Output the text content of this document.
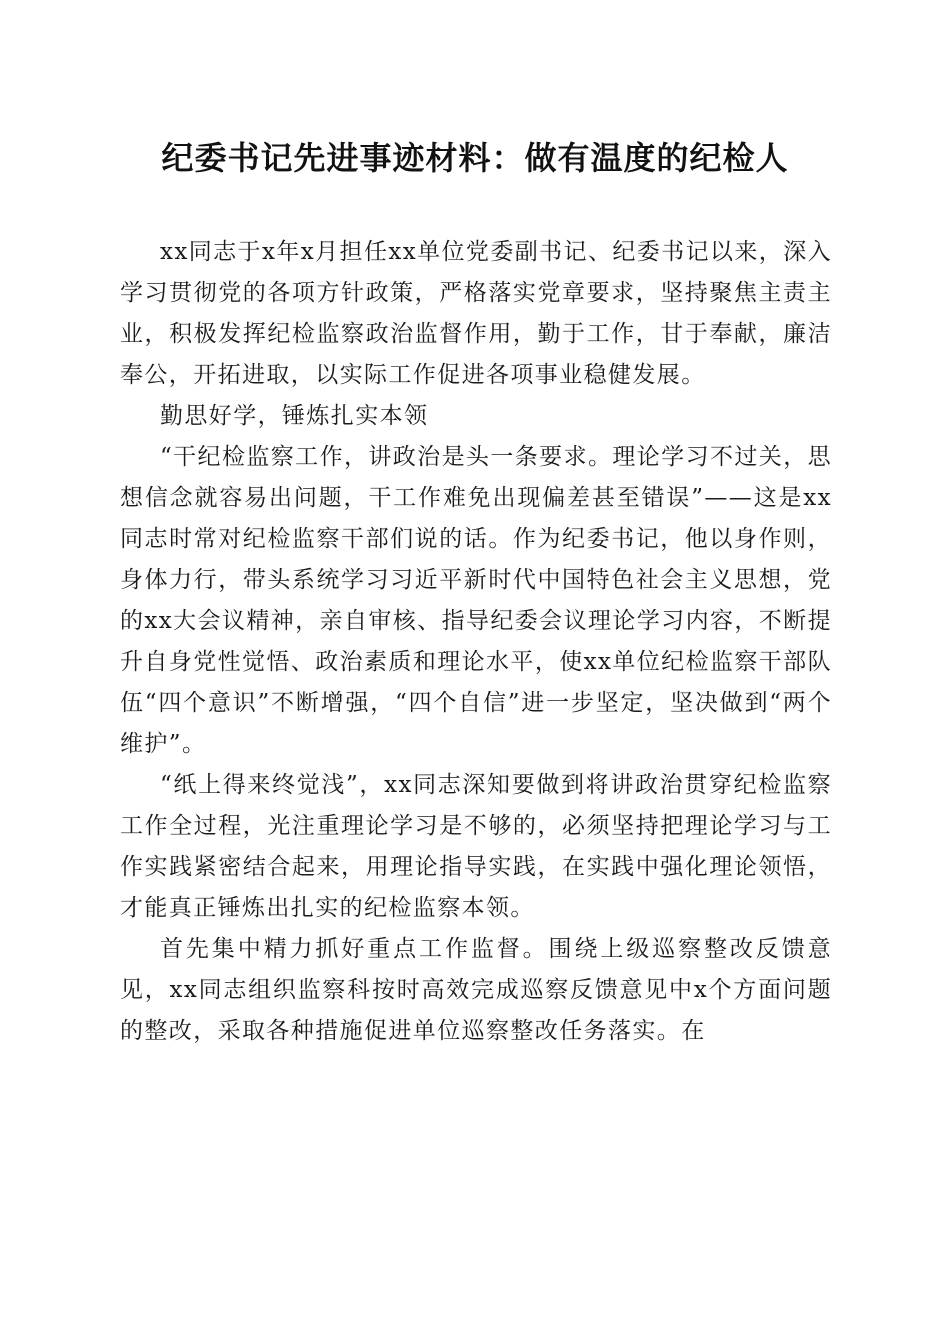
纪委书记先进事迹材料：做有温度的纪检人

xx同志于x年x月担任xx单位党委副书记、纪委书记以来，深入学习贯彻党的各项方针政策，严格落实党章要求，坚持聚焦主责主业，积极发挥纪检监察政治监督作用，勤于工作，甘于奉献，廉洁奉公，开拓进取，以实际工作促进各项事业稳健发展。

勤思好学，锤炼扎实本领

“干纪检监察工作，讲政治是头一条要求。理论学习不过关，思想信念就容易出问题，干工作难免出现偏差甚至错误”——这是xx同志时常对纪检监察干部们说的话。作为纪委书记，他以身作则，身体力行，带头系统学习习近平新时代中国特色社会主义思想，党的xx大会议精神，亲自审核、指导纪委会议理论学习内容，不断提升自身党性觉悟、政治素质和理论水平，使xx单位纪检监察干部队伍“四个意识”不断增强，“四个自信”进一步坚定，坚决做到“两个维护”。

“纸上得来终觉浅”，xx同志深知要做到将讲政治贯穿纪检监察工作全过程，光注重理论学习是不够的，必须坚持把理论学习与工作实践紧密结合起来，用理论指导实践，在实践中强化理论领悟，才能真正锤炼出扎实的纪检监察本领。

首先集中精力抓好重点工作监督。围绕上级巡察整改反馈意见，xx同志组织监察科按时高效完成巡察反馈意见中x个方面问题的整改，采取各种措施促进单位巡察整改任务落实。在
